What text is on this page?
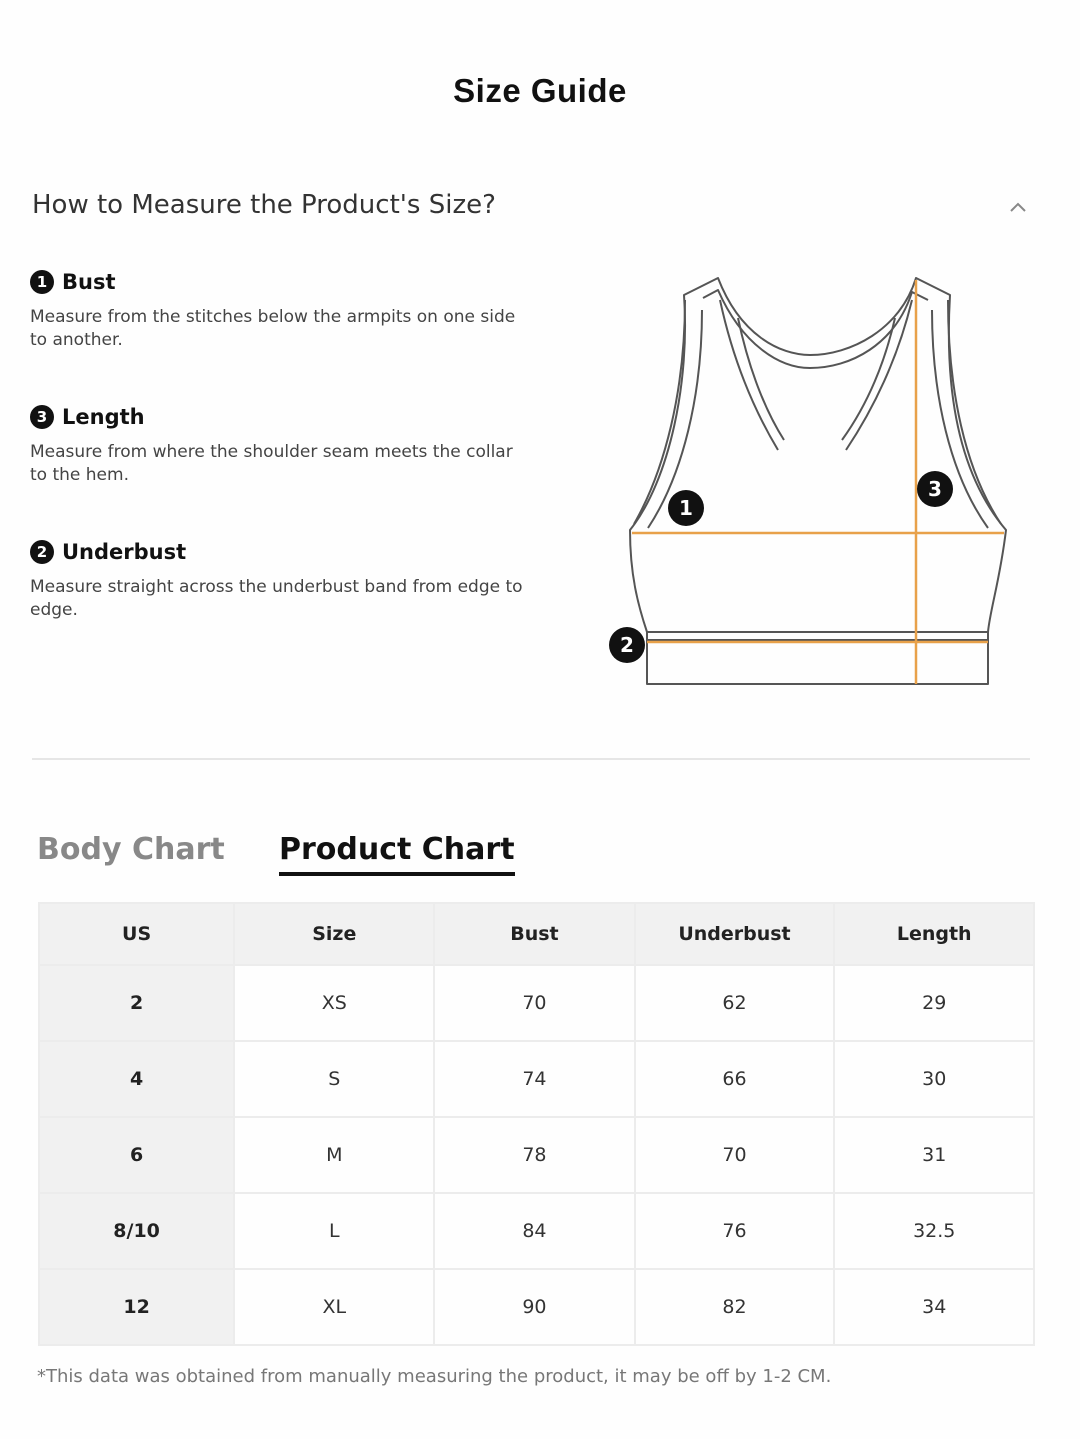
Size Guide
How to Measure the Product's Size?
1 Bust
Measure from the stitches below the armpits on one side to another.
3 Length
Measure from where the shoulder seam meets the collar to the hem.
2 Underbust
Measure straight across the underbust band from edge to edge.
1
2
3
Body Chart Product Chart
US	Size	Bust	Underbust	Length
2	XS	70	62	29
4	S	74	66	30
6	M	78	70	31
8/10	L	84	76	32.5
12	XL	90	82	34
*This data was obtained from manually measuring the product, it may be off by 1-2 CM.
